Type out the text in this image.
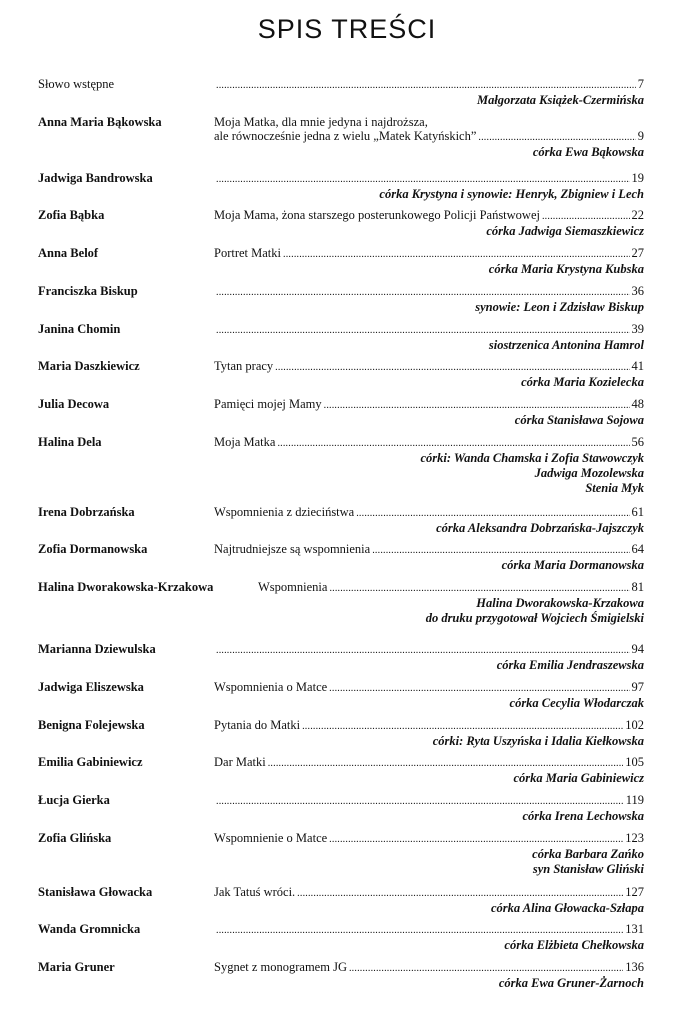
SPIS TREŚCI
Słowo wstępne .....	7
Małgorzata Książek-Czermińska
Anna Maria Bąkowska	Moja Matka, dla mnie jedyna i najdroższa,
ale równocześnie jedna z wielu „Matek Katyńskich” .....	9
córka Ewa Bąkowska
Jadwiga Bandrowska .....	19
córka Krystyna i synowie: Henryk, Zbigniew i Lech
Zofia Bąbka	Moja Mama, żona starszego posterunkowego Policji Państwowej .....	22
córka Jadwiga Siemaszkiewicz
Anna Belof	Portret Matki .....	27
córka Maria Krystyna Kubska
Franciszka Biskup .....	36
synowie: Leon i Zdzisław Biskup
Janina Chomin .....	39
siostrzenica Antonina Hamrol
Maria Daszkiewicz	Tytan pracy .....	41
córka Maria Kozielecka
Julia Decowa	Pamięci mojej Mamy .....	48
córka Stanisława Sojowa
Halina Dela	Moja Matka .....	56
córki: Wanda Chamska i Zofia Stawowczyk
Jadwiga Mozolewska
Stenia Myk
Irena Dobrzańska	Wspomnienia z dzieciństwa .....	61
córka Aleksandra Dobrzańska-Jajszczyk
Zofia Dormanowska	Najtrudniejsze są wspomnienia .....	64
córka Maria Dormanowska
Halina Dworakowska-Krzakowa	Wspomnienia .....	81
Halina Dworakowska-Krzakowa
do druku przygotował Wojciech Śmigielski
Marianna Dziewulska .....	94
córka Emilia Jendraszewska
Jadwiga Eliszewska	Wspomnienia o Matce .....	97
córka Cecylia Włodarczak
Benigna Folejewska	Pytania do Matki .....	102
córki: Ryta Uszyńska i Idalia Kiełkowska
Emilia Gabiniewicz	Dar Matki .....	105
córka Maria Gabiniewicz
Łucja Gierka .....	119
córka Irena Lechowska
Zofia Glińska	Wspomnienie o Matce .....	123
córka Barbara Zańko
syn Stanisław Gliński
Stanisława Głowacka	Jak Tatuś wróci. .....	127
córka Alina Głowacka-Szłapa
Wanda Gromnicka .....	131
córka Elżbieta Chełkowska
Maria Gruner	Sygnet z monogramem JG .....	136
córka Ewa Gruner-Żarnoch
